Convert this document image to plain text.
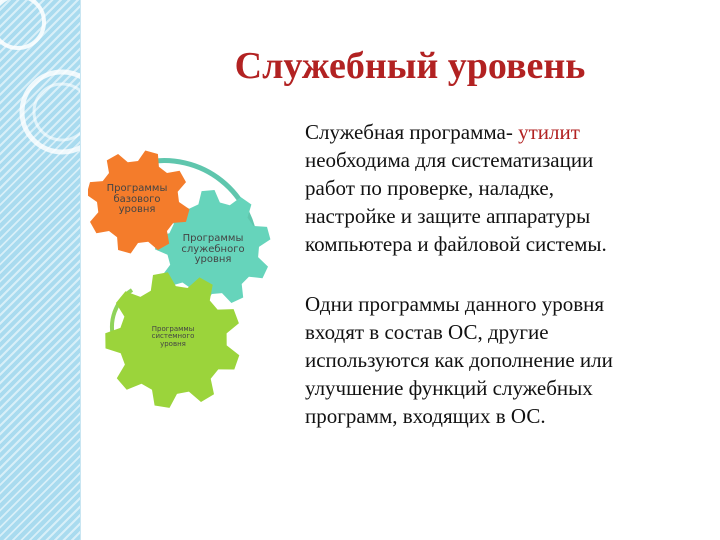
Служебный уровень
Программы
базового
уровня
Программы
служебного
уровня
Программы
системного
уровня
Служебная программа- утилит
необходима для систематизации
работ по проверке, наладке,
настройке и защите аппаратуры
компьютера и файловой системы.
Одни программы данного уровня
входят в состав ОС, другие
используются как дополнение или
улучшение функций служебных
программ, входящих в ОС.
